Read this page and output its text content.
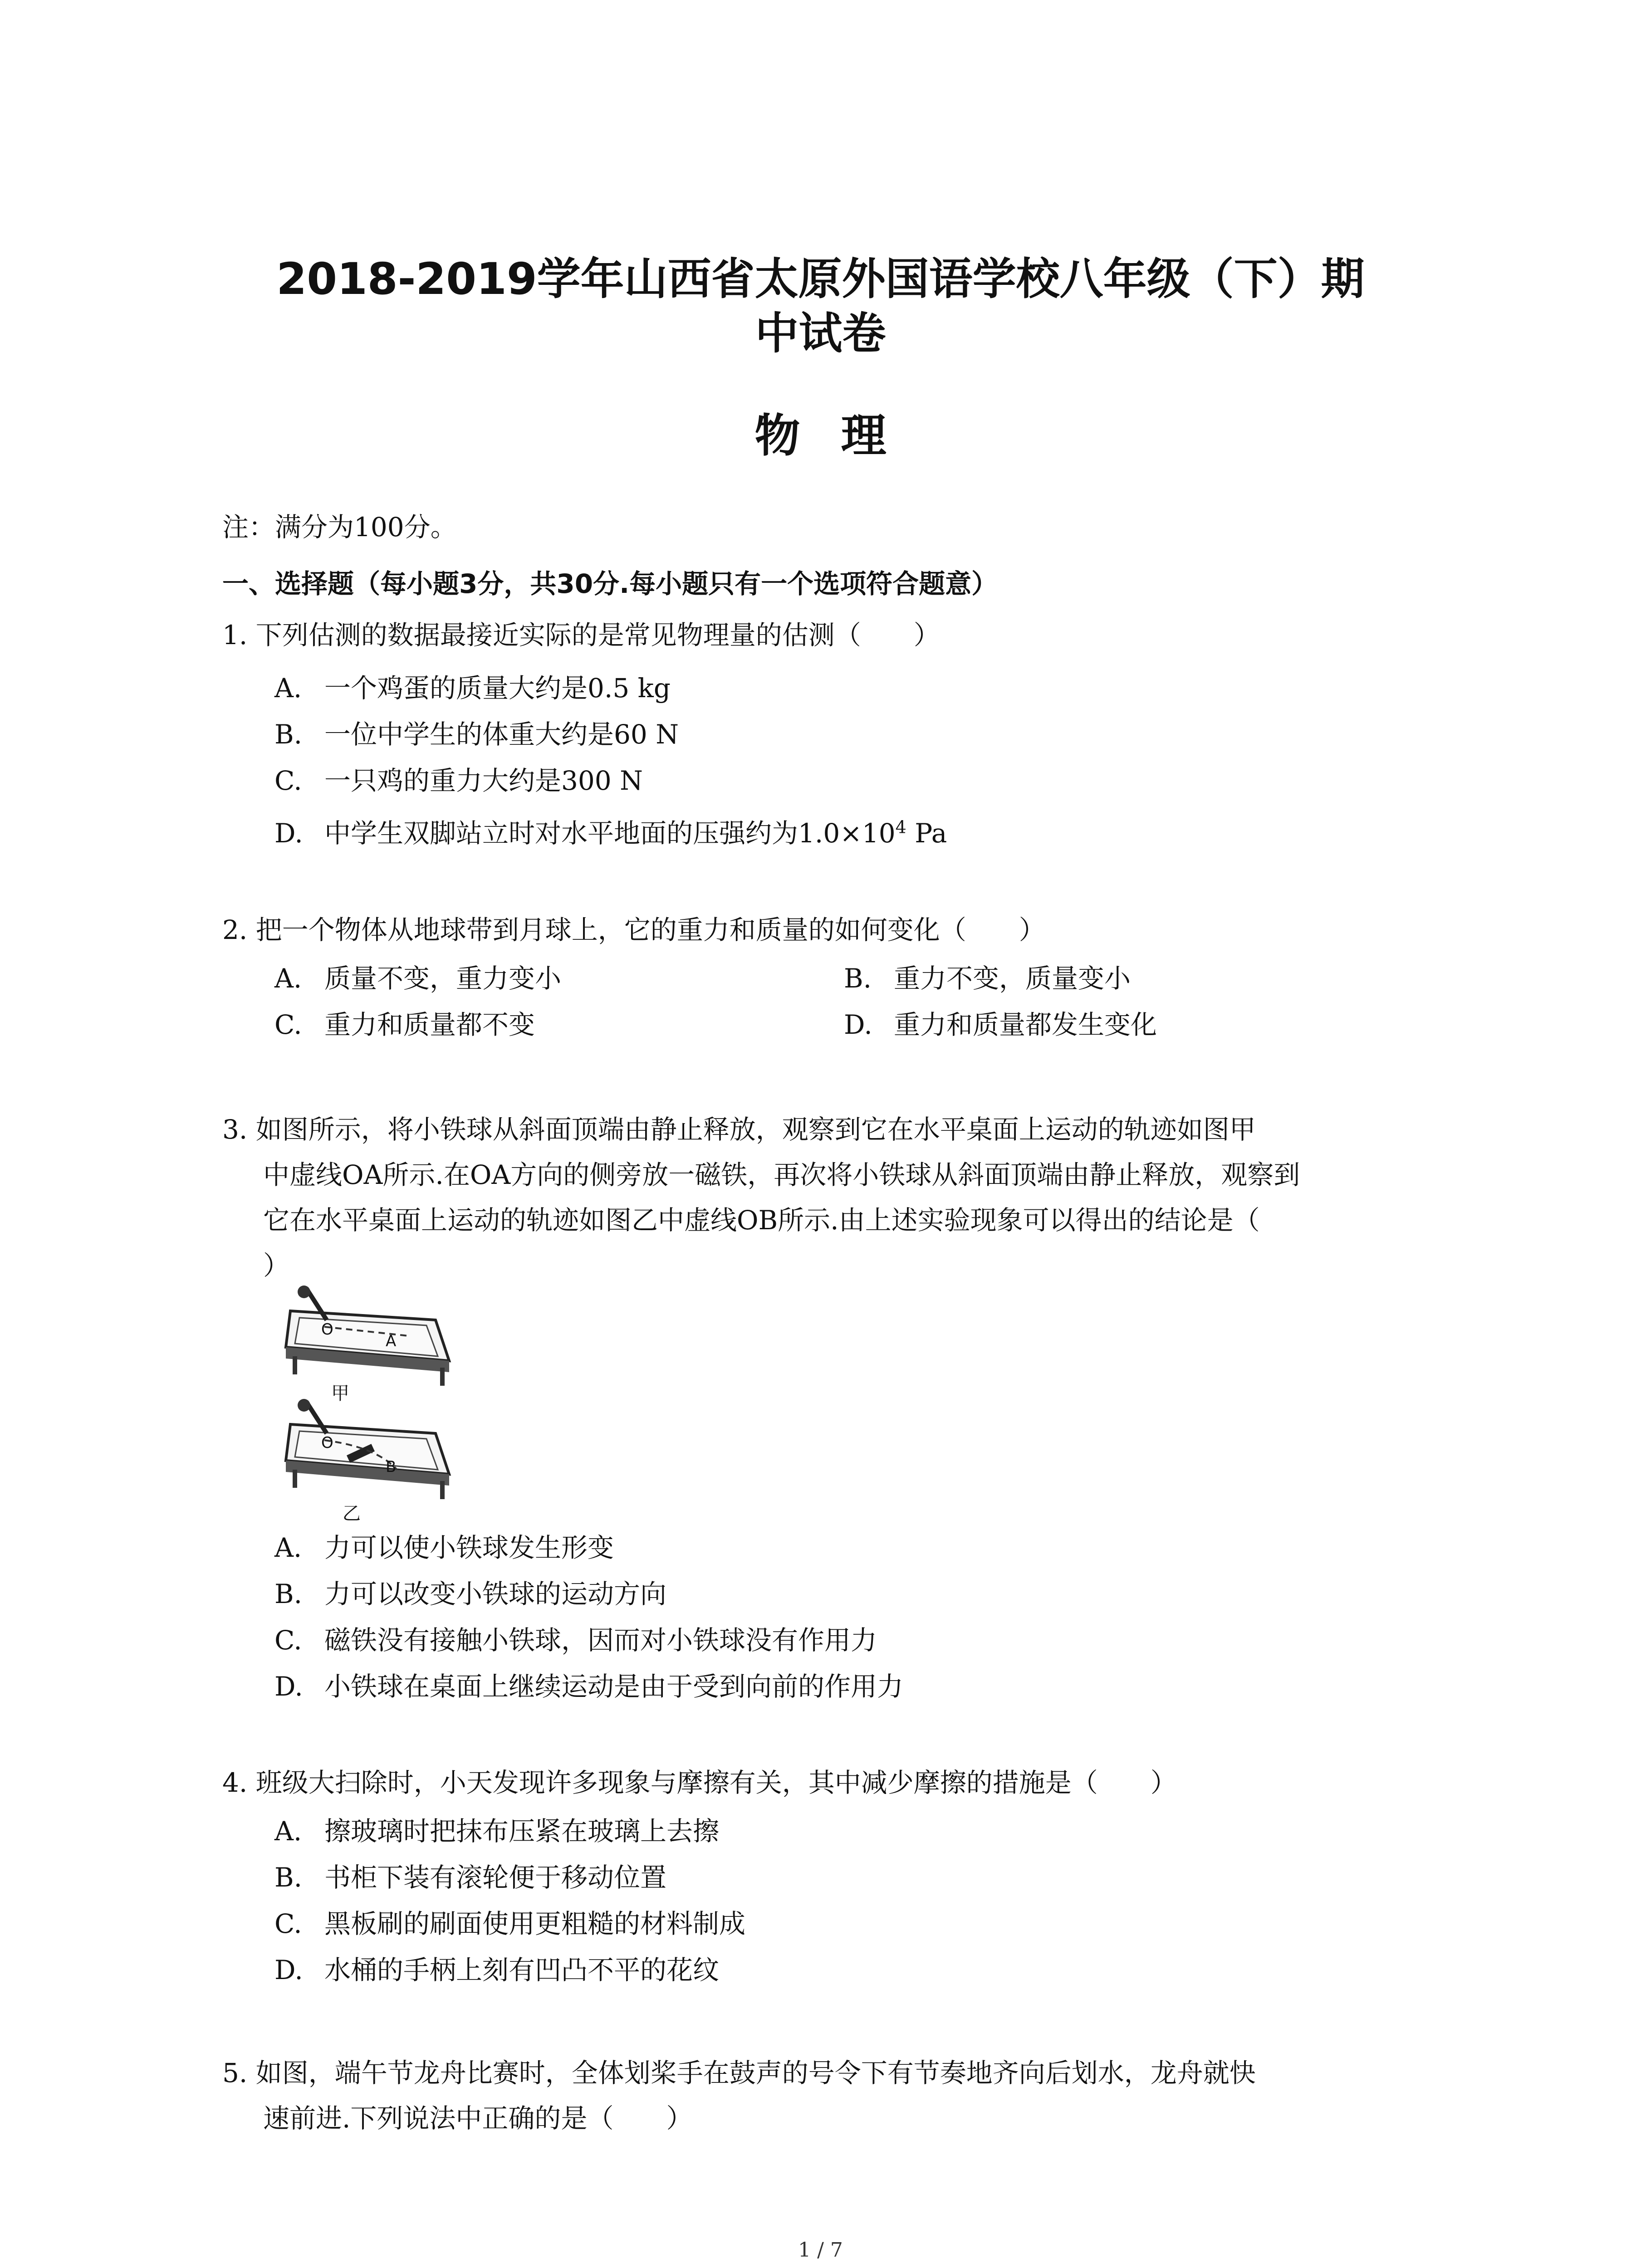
2018-2019学年山西省太原外国语学校八年级（下）期
中试卷
物理
注：满分为100分。
一、选择题（每小题3分，共30分.每小题只有一个选项符合题意）
1. 下列估测的数据最接近实际的是常见物理量的估测（　　）
A. 一个鸡蛋的质量大约是0.5 kg
B. 一位中学生的体重大约是60 N
C. 一只鸡的重力大约是300 N
D. 中学生双脚站立时对水平地面的压强约为$1.0\times 10^4$ Pa
2. 把一个物体从地球带到月球上，它的重力和质量的如何变化（　　）
A. 质量不变，重力变小	B. 重力不变，质量变小
C. 重力和质量都不变	D. 重力和质量都发生变化
3. 如图所示，将小铁球从斜面顶端由静止释放，观察到它在水平桌面上运动的轨迹如图甲
中虚线OA所示.在OA方向的侧旁放一磁铁，再次将小铁球从斜面顶端由静止释放，观察到
它在水平桌面上运动的轨迹如图乙中虚线OB所示.由上述实验现象可以得出的结论是（
）
O
A
甲
O
B
乙
A. 力可以使小铁球发生形变
B. 力可以改变小铁球的运动方向
C. 磁铁没有接触小铁球，因而对小铁球没有作用力
D. 小铁球在桌面上继续运动是由于受到向前的作用力
4. 班级大扫除时，小天发现许多现象与摩擦有关，其中减少摩擦的措施是（　　）
A. 擦玻璃时把抹布压紧在玻璃上去擦
B. 书柜下装有滚轮便于移动位置
C. 黑板刷的刷面使用更粗糙的材料制成
D. 水桶的手柄上刻有凹凸不平的花纹
5. 如图，端午节龙舟比赛时，全体划桨手在鼓声的号令下有节奏地齐向后划水，龙舟就快
速前进.下列说法中正确的是（　　）
1 / 7
